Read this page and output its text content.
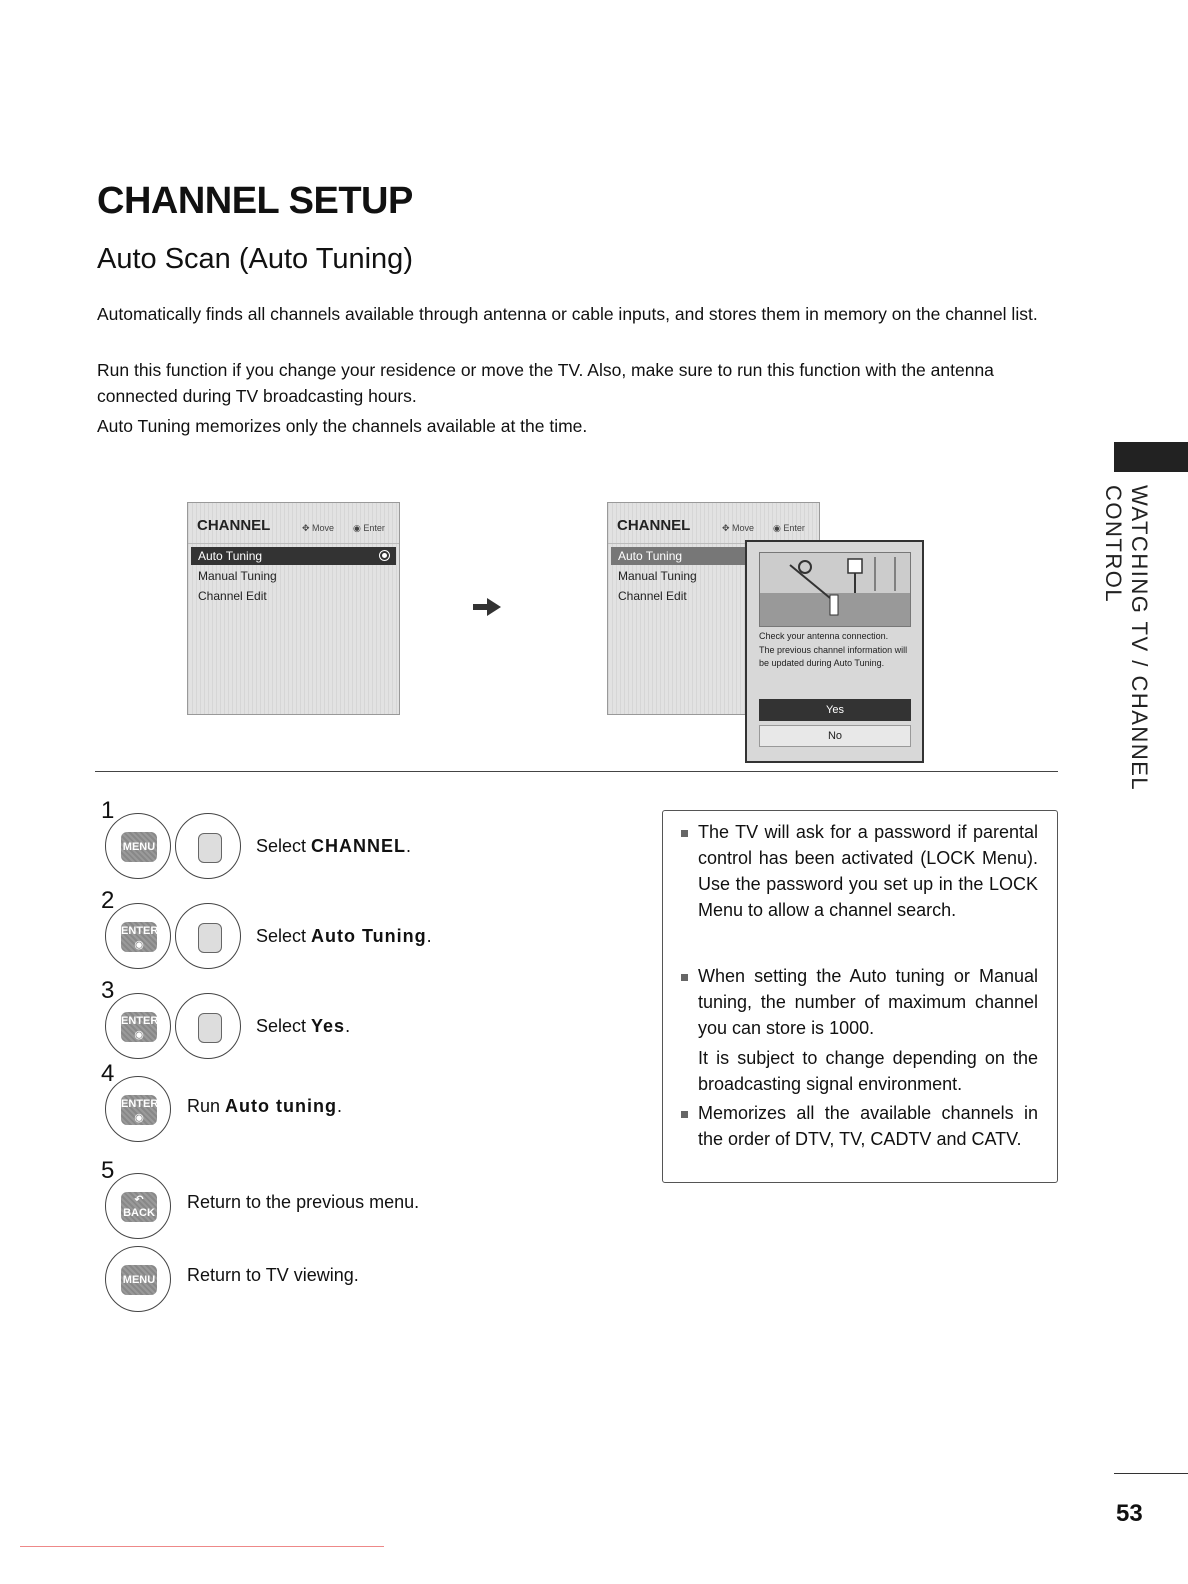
CHANNEL SETUP
Auto Scan (Auto Tuning)
Automatically finds all channels available through antenna or cable inputs, and stores them in memory on the channel list.
Run this function if you change your residence or move the TV. Also, make sure to run this function with the antenna connected during TV broadcasting hours.
Auto Tuning memorizes only the channels available at the time.
WATCHING TV / CHANNEL CONTROL
CHANNEL	✥ Move ◉ Enter
Auto Tuning
Manual Tuning
Channel Edit
CHANNEL	✥ Move ◉ Enter
Auto Tuning
Manual Tuning
Channel Edit
Check your antenna connection.
The previous channel information will be updated during Auto Tuning.
Yes
No
1
MENU	Select CHANNEL.
2
ENTER
◉	Select Auto Tuning.
3
ENTER
◉	Select Yes.
4
ENTER
◉
Run Auto tuning.
5
↶
BACK
Return to the previous menu.
MENU Return to TV viewing.
The TV will ask for a password if parental control has been activated (LOCK Menu). Use the password you set up in the LOCK Menu to allow a channel search.
When setting the Auto tuning or Manual tuning, the number of maximum channel you can store is 1000.
It is subject to change depending on the broadcasting signal environment.
Memorizes all the available channels in the order of DTV, TV, CADTV and CATV.
53
